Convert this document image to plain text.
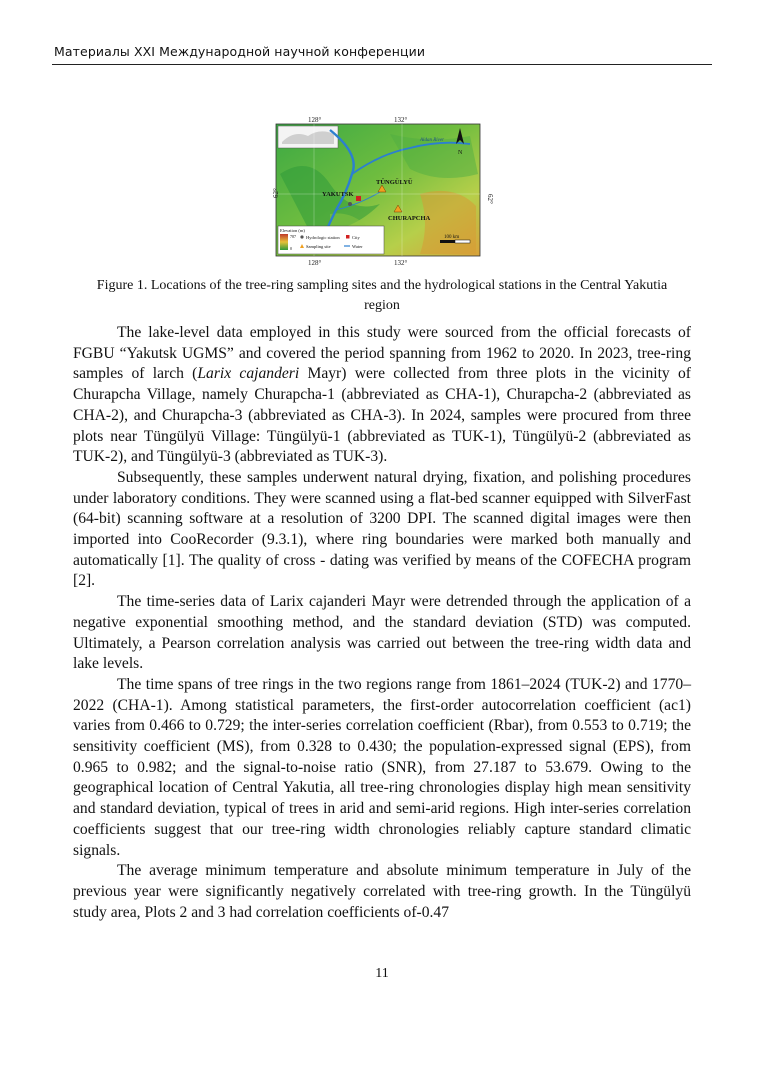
Материалы XXI Международной научной конференции
Aldan River
128°	132°
128°	132°
62°
62°
N
YAKUTSK
TÜNGÜLYÜ
CHURAPCHA
100 km
Elevation (m)
787
0
Hydrologic station	City
Sampling site	Water
Figure 1. Locations of the tree-ring sampling sites and the hydrological stations in the Central Yakutia region

The lake-level data employed in this study were sourced from the official forecasts of FGBU “Yakutsk UGMS” and covered the period spanning from 1962 to 2020. In 2023, tree-ring samples of larch (Larix cajanderi Mayr) were collected from three plots in the vicinity of Churapcha Village, namely Churapcha-1 (abbreviated as CHA-1), Churapcha-2 (abbreviated as CHA-2), and Churapcha-3 (abbreviated as CHA-3). In 2024, samples were procured from three plots near Tüngülyü Village: Tüngülyü-1 (abbreviated as TUK-1), Tüngülyü-2 (abbreviated as TUK-2), and Tüngülyü-3 (abbreviated as TUK-3).

Subsequently, these samples underwent natural drying, fixation, and polishing procedures under laboratory conditions. They were scanned using a flat-bed scanner equipped with SilverFast (64-bit) scanning software at a resolution of 3200 DPI. The scanned digital images were then imported into CooRecorder (9.3.1), where ring boundaries were marked both manually and automatically [1]. The quality of cross - dating was verified by means of the COFECHA program [2].

The time-series data of Larix cajanderi Mayr were detrended through the application of a negative exponential smoothing method, and the standard deviation (STD) was computed. Ultimately, a Pearson correlation analysis was carried out between the tree-ring width data and lake levels.

The time spans of tree rings in the two regions range from 1861–2024 (TUK-2) and 1770–2022 (CHA-1). Among statistical parameters, the first-order autocorrelation coefficient (ac1) varies from 0.466 to 0.729; the inter-series correlation coefficient (Rbar), from 0.553 to 0.719; the sensitivity coefficient (MS), from 0.328 to 0.430; the population-expressed signal (EPS), from 0.965 to 0.982; and the signal-to-noise ratio (SNR), from 27.187 to 53.679. Owing to the geographical location of Central Yakutia, all tree-ring chronologies display high mean sensitivity and standard deviation, typical of trees in arid and semi-arid regions. High inter-series correlation coefficients suggest that our tree-ring width chronologies reliably capture standard climatic signals.

The average minimum temperature and absolute minimum temperature in July of the previous year were significantly negatively correlated with tree-ring growth. In the Tüngülyü study area, Plots 2 and 3 had correlation coefficients of-0.47

11
